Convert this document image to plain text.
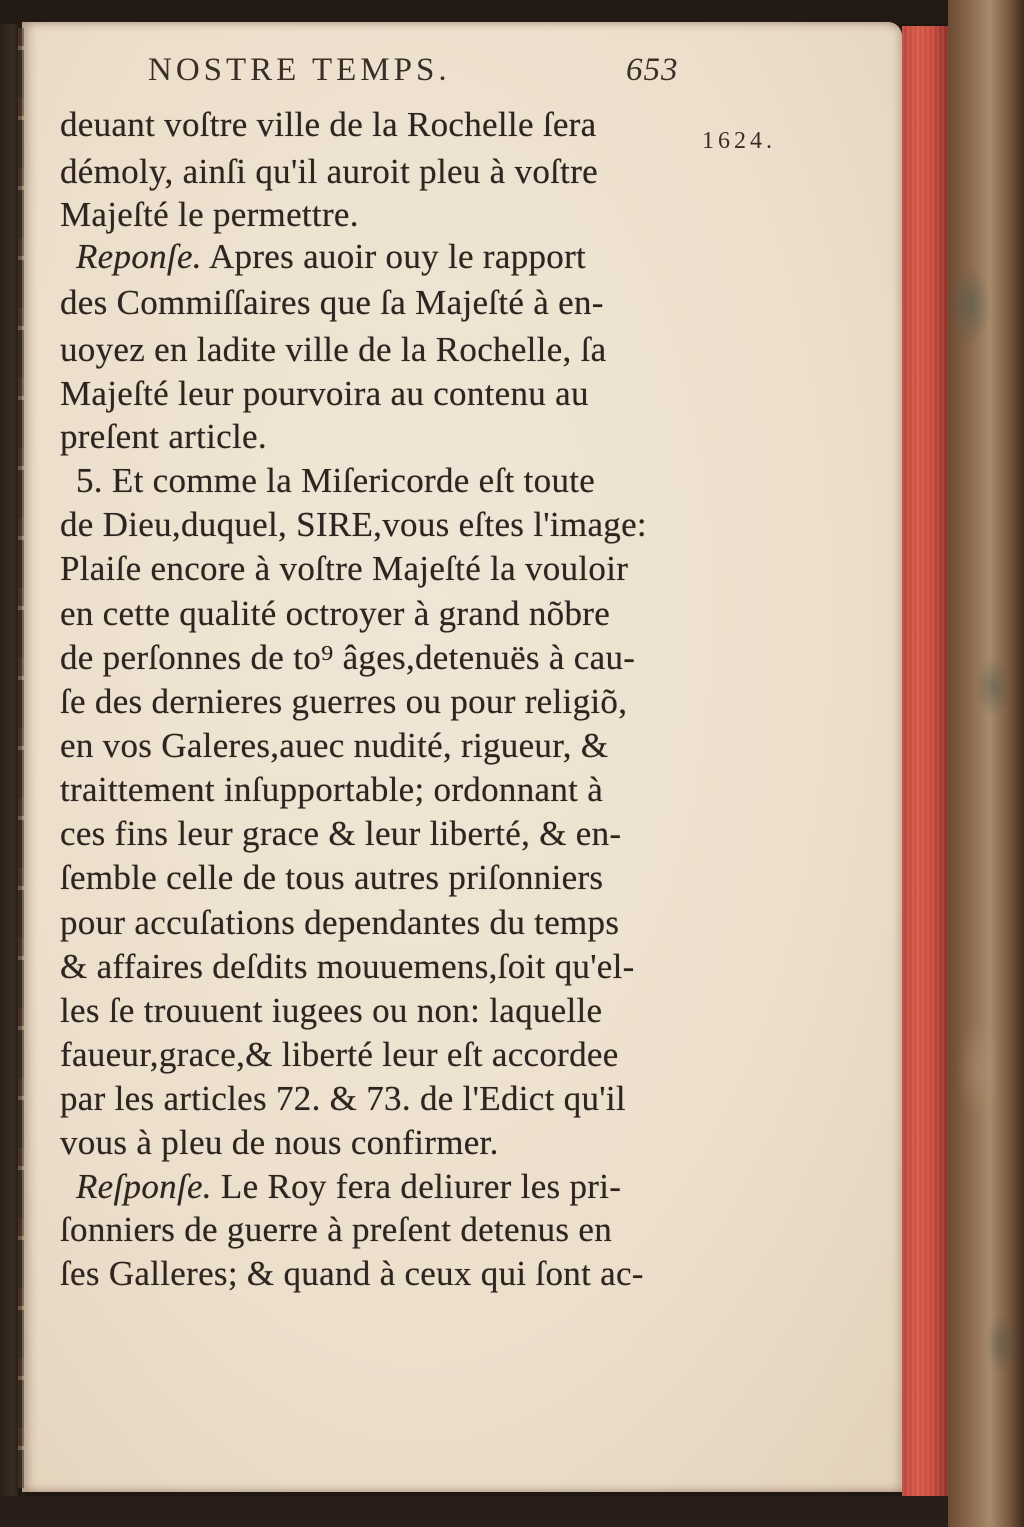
NOSTRE TEMPS.	653
1624.
deuant voſtre ville de la Rochelle ſera
démoly, ainſi qu'il auroit pleu à voſtre
Majeſté le permettre.
Reponſe. Apres auoir ouy le rapport
des Commiſſaires que ſa Majeſté à en-
uoyez en ladite ville de la Rochelle, ſa
Majeſté leur pourvoira au contenu au
preſent article.
5. Et comme la Miſericorde eſt toute
de Dieu,duquel, SIRE,vous eſtes l'image:
Plaiſe encore à voſtre Majeſté la vouloir
en cette qualité octroyer à grand nõbre
de perſonnes de to⁹ âges,detenuës à cau-
ſe des dernieres guerres ou pour religiõ,
en vos Galeres,auec nudité, rigueur, &
traittement inſupportable; ordonnant à
ces fins leur grace & leur liberté, & en-
ſemble celle de tous autres priſonniers
pour accuſations dependantes du temps
& affaires deſdits mouuemens,ſoit qu'el-
les ſe trouuent iugees ou non: laquelle
faueur,grace,& liberté leur eſt accordee
par les articles 72. & 73. de l'Edict qu'il
vous à pleu de nous confirmer.
Reſponſe. Le Roy fera deliurer les pri-
ſonniers de guerre à preſent detenus en
ſes Galleres; & quand à ceux qui ſont ac-
